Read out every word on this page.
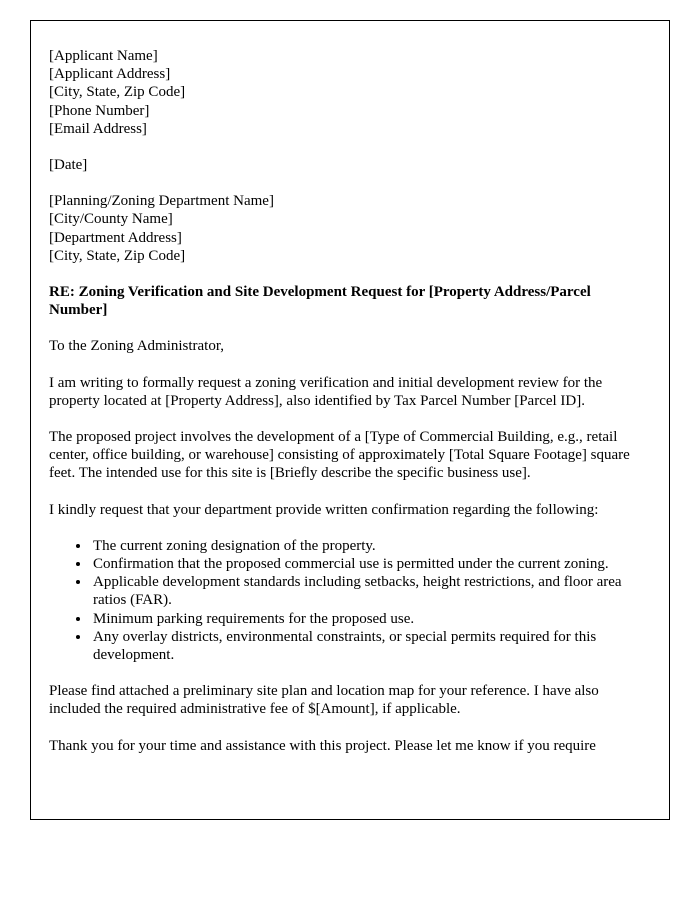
[Applicant Name]
[Applicant Address]
[City, State, Zip Code]
[Phone Number]
[Email Address]
[Date]
[Planning/Zoning Department Name]
[City/County Name]
[Department Address]
[City, State, Zip Code]
RE: Zoning Verification and Site Development Request for [Property Address/Parcel Number]
To the Zoning Administrator,
I am writing to formally request a zoning verification and initial development review for the property located at [Property Address], also identified by Tax Parcel Number [Parcel ID].
The proposed project involves the development of a [Type of Commercial Building, e.g., retail center, office building, or warehouse] consisting of approximately [Total Square Footage] square feet. The intended use for this site is [Briefly describe the specific business use].
I kindly request that your department provide written confirmation regarding the following:
• The current zoning designation of the property.
• Confirmation that the proposed commercial use is permitted under the current zoning.
• Applicable development standards including setbacks, height restrictions, and floor area ratios (FAR).
• Minimum parking requirements for the proposed use.
• Any overlay districts, environmental constraints, or special permits required for this development.
Please find attached a preliminary site plan and location map for your reference. I have also included the required administrative fee of $[Amount], if applicable.
Thank you for your time and assistance with this project. Please let me know if you require
